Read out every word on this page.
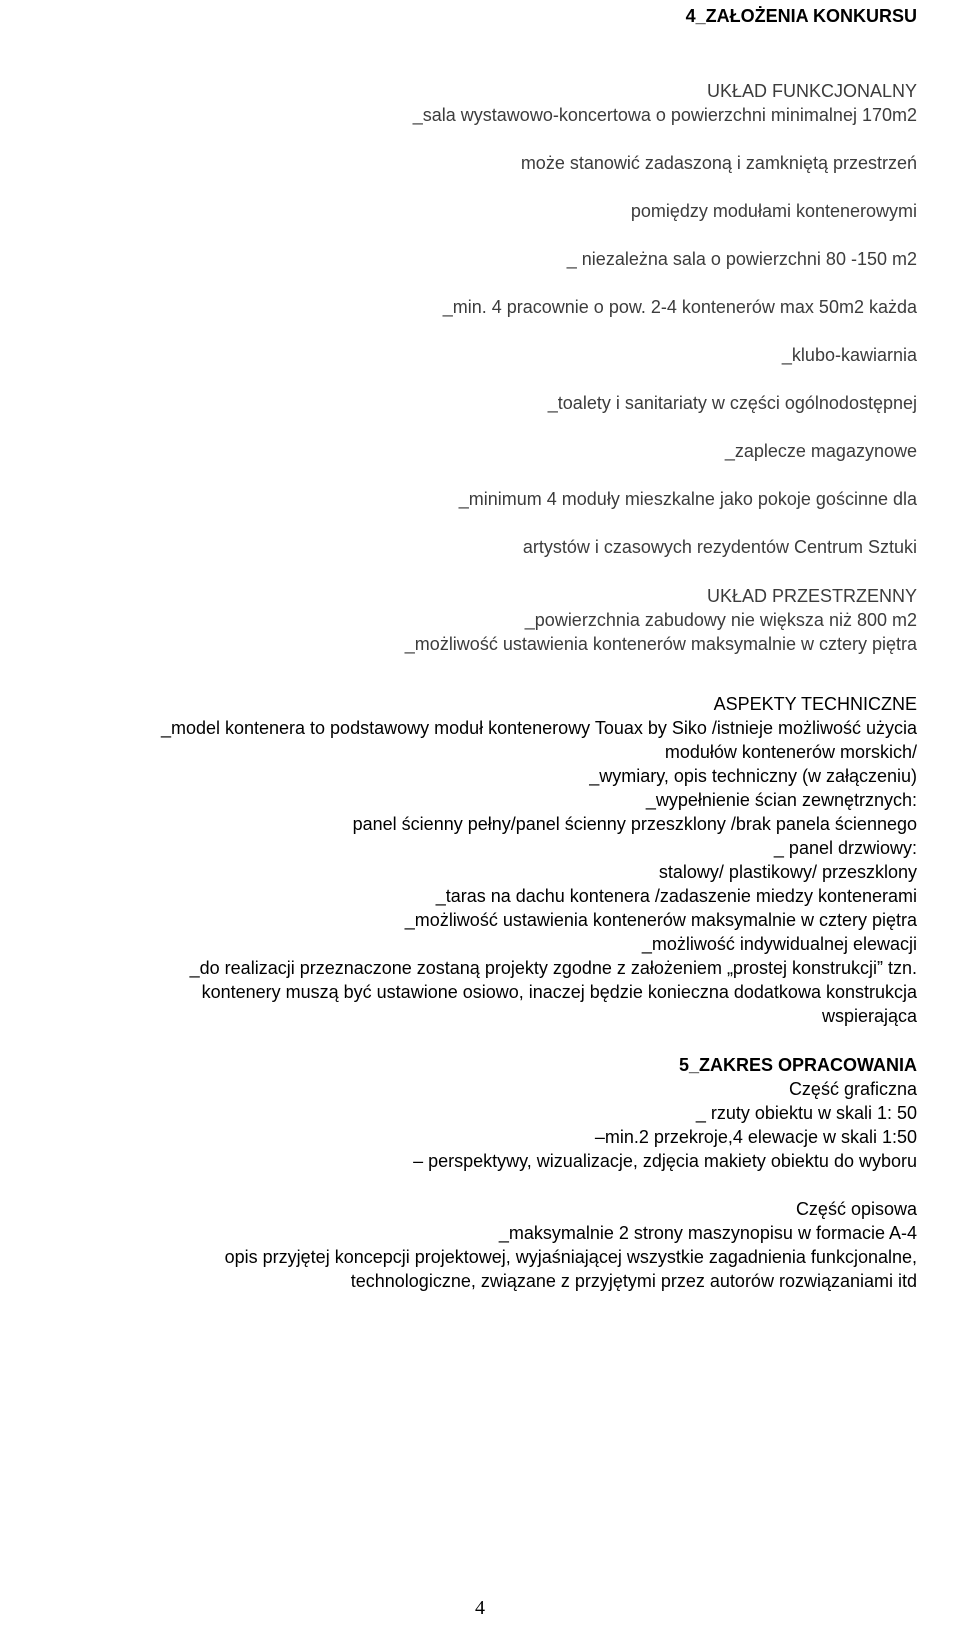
4_ZAŁOŻENIA KONKURSU
UKŁAD FUNKCJONALNY
_sala wystawowo-koncertowa o powierzchni minimalnej 170m2
może stanowić zadaszoną i zamkniętą przestrzeń
pomiędzy modułami kontenerowymi
_ niezależna sala o powierzchni 80 -150 m2
_min. 4 pracownie o pow. 2-4 kontenerów max 50m2 każda
_klubo-kawiarnia
_toalety i sanitariaty w części ogólnodostępnej
_zaplecze magazynowe
_minimum 4 moduły mieszkalne jako pokoje gościnne dla
artystów i czasowych rezydentów Centrum Sztuki
UKŁAD PRZESTRZENNY
_powierzchnia zabudowy nie większa niż 800 m2
_możliwość ustawienia kontenerów maksymalnie w cztery piętra
ASPEKTY TECHNICZNE
_model kontenera to podstawowy moduł kontenerowy Touax by Siko /istnieje możliwość użycia
modułów kontenerów morskich/
_wymiary, opis techniczny (w załączeniu)
_wypełnienie ścian zewnętrznych:
panel ścienny pełny/panel ścienny przeszklony /brak panela ściennego
_ panel drzwiowy:
stalowy/ plastikowy/ przeszklony
_taras na dachu kontenera /zadaszenie miedzy kontenerami
_możliwość ustawienia kontenerów maksymalnie w cztery piętra
_możliwość indywidualnej elewacji
_do realizacji przeznaczone zostaną projekty zgodne z założeniem „prostej konstrukcji” tzn.
kontenery muszą być ustawione osiowo, inaczej będzie konieczna dodatkowa konstrukcja
wspierająca
5_ZAKRES OPRACOWANIA
Część graficzna
_ rzuty obiektu w skali 1: 50
–min.2 przekroje,4 elewacje w skali 1:50
– perspektywy, wizualizacje, zdjęcia makiety obiektu do wyboru
Część opisowa
_maksymalnie 2 strony maszynopisu w formacie A-4
opis przyjętej koncepcji projektowej, wyjaśniającej wszystkie zagadnienia funkcjonalne,
technologiczne, związane z przyjętymi przez autorów rozwiązaniami itd
4
